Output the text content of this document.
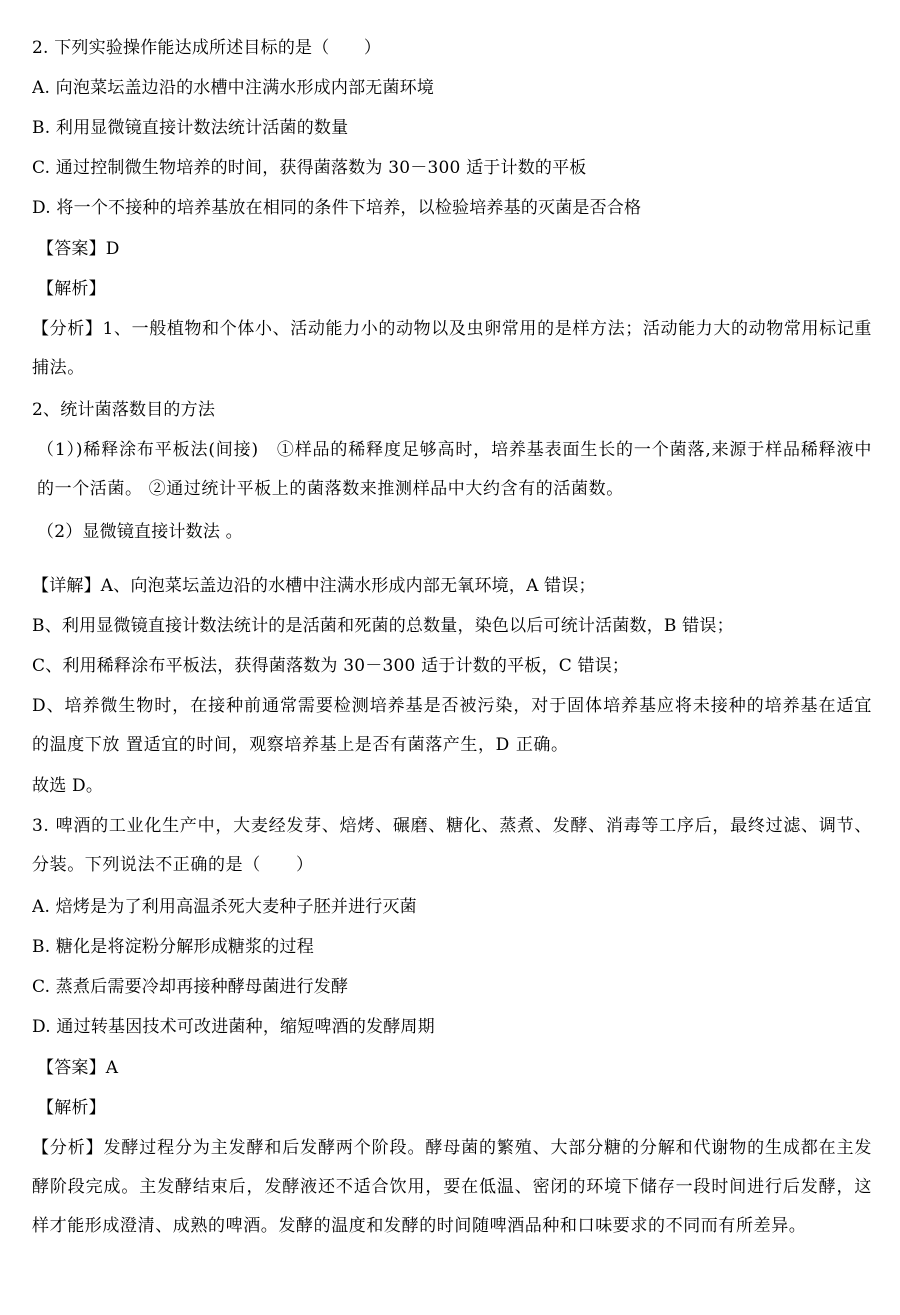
2. 下列实验操作能达成所述目标的是（　　）
A. 向泡菜坛盖边沿的水槽中注满水形成内部无菌环境
B. 利用显微镜直接计数法统计活菌的数量
C. 通过控制微生物培养的时间，获得菌落数为 30－300 适于计数的平板
D. 将一个不接种的培养基放在相同的条件下培养，以检验培养基的灭菌是否合格
【答案】D
【解析】
【分析】1、一般植物和个体小、活动能力小的动物以及虫卵常用的是样方法；活动能力大的动物常用标记重捕法。
2、统计菌落数目的方法
（1）)稀释涂布平板法(间接)　①样品的稀释度足够高时，培养基表面生长的一个菌落,来源于样品稀释液中的一个活菌。 ②通过统计平板上的菌落数来推测样品中大约含有的活菌数。
（2）显微镜直接计数法 。
【详解】A、向泡菜坛盖边沿的水槽中注满水形成内部无氧环境，A 错误；
B、利用显微镜直接计数法统计的是活菌和死菌的总数量，染色以后可统计活菌数，B 错误；
C、利用稀释涂布平板法，获得菌落数为 30－300 适于计数的平板，C 错误；
D、培养微生物时，在接种前通常需要检测培养基是否被污染，对于固体培养基应将未接种的培养基在适宜的温度下放 置适宜的时间，观察培养基上是否有菌落产生，D 正确。
故选 D。
3. 啤酒的工业化生产中，大麦经发芽、焙烤、碾磨、糖化、蒸煮、发酵、消毒等工序后，最终过滤、调节、分装。下列说法不正确的是（　　）
A. 焙烤是为了利用高温杀死大麦种子胚并进行灭菌
B. 糖化是将淀粉分解形成糖浆的过程
C. 蒸煮后需要冷却再接种酵母菌进行发酵
D. 通过转基因技术可改进菌种，缩短啤酒的发酵周期
【答案】A
【解析】
【分析】发酵过程分为主发酵和后发酵两个阶段。酵母菌的繁殖、大部分糖的分解和代谢物的生成都在主发酵阶段完成。主发酵结束后，发酵液还不适合饮用，要在低温、密闭的环境下储存一段时间进行后发酵，这样才能形成澄清、成熟的啤酒。发酵的温度和发酵的时间随啤酒品种和口味要求的不同而有所差异。
